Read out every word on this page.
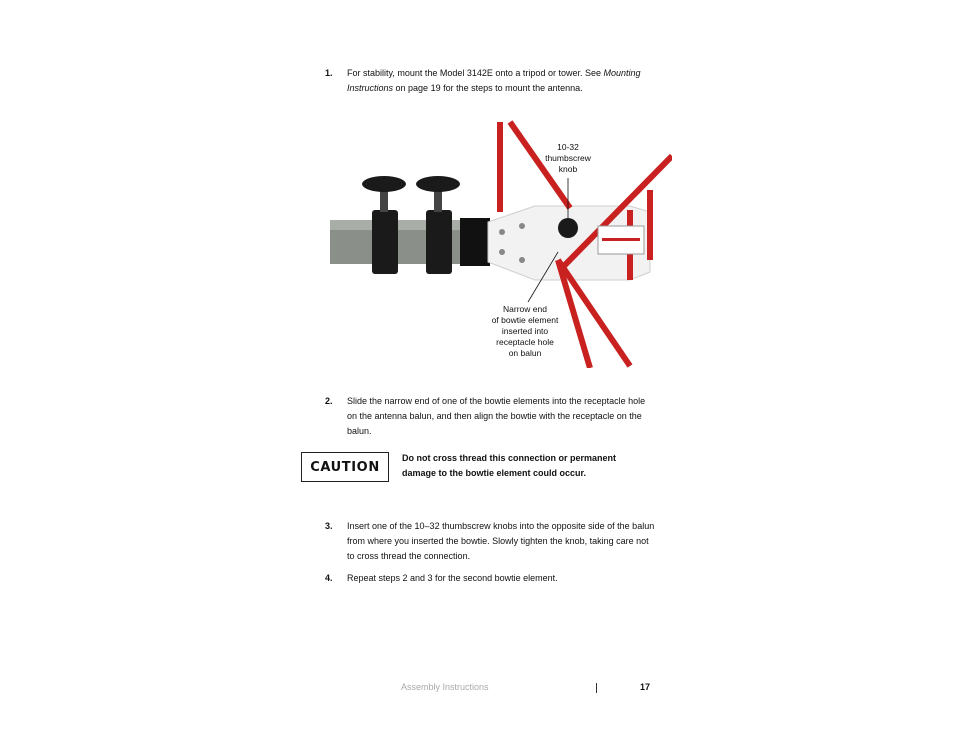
1. For stability, mount the Model 3142E onto a tripod or tower. See Mounting Instructions on page 19 for the steps to mount the antenna.
10-32
thumbscrew
knob
Narrow end
of bowtie element
inserted into
receptacle hole
on balun
2. Slide the narrow end of one of the bowtie elements into the receptacle hole on the antenna balun, and then align the bowtie with the receptacle on the balun.
CAUTION
Do not cross thread this connection or permanent damage to the bowtie element could occur.
3. Insert one of the 10–32 thumbscrew knobs into the opposite side of the balun from where you inserted the bowtie. Slowly tighten the knob, taking care not to cross thread the connection.
4. Repeat steps 2 and 3 for the second bowtie element.
Assembly Instructions	17
